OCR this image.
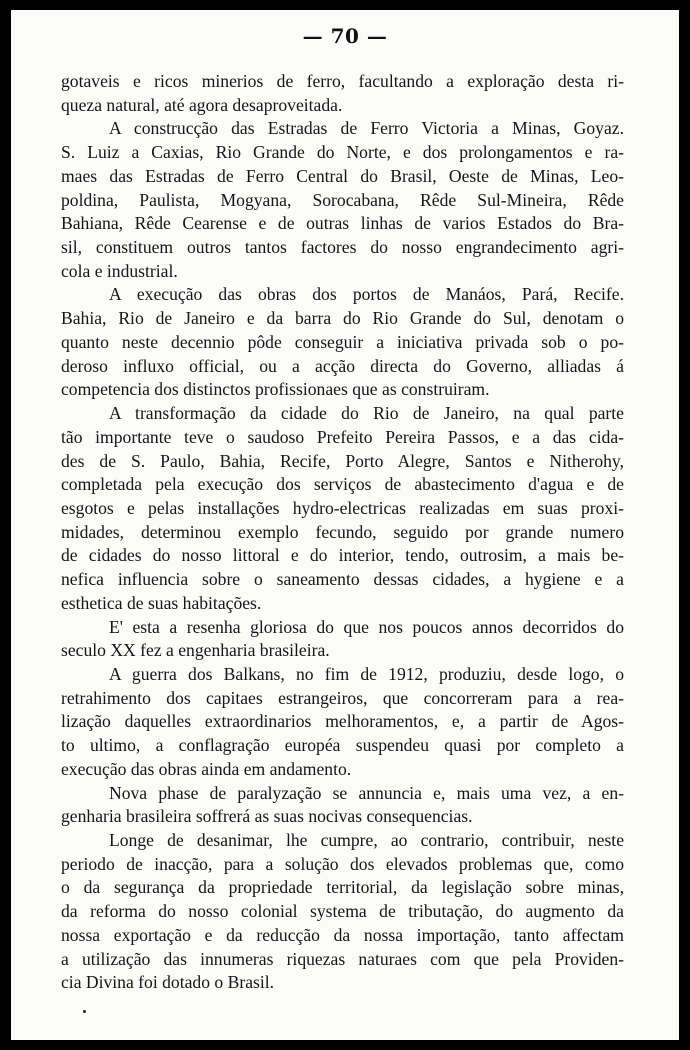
— 70 —
gotaveis e ricos minerios de ferro, facultando a exploração desta ri-
queza natural, até agora desaproveitada.
A construcção das Estradas de Ferro Victoria a Minas, Goyaz.
S. Luiz a Caxias, Rio Grande do Norte, e dos prolongamentos e ra-
maes das Estradas de Ferro Central do Brasil, Oeste de Minas, Leo-
poldina, Paulista, Mogyana, Sorocabana, Rêde Sul-Mineira, Rêde
Bahiana, Rêde Cearense e de outras linhas de varios Estados do Bra-
sil, constituem outros tantos factores do nosso engrandecimento agri-
cola e industrial.
A execução das obras dos portos de Manáos, Pará, Recife.
Bahia, Rio de Janeiro e da barra do Rio Grande do Sul, denotam o
quanto neste decennio pôde conseguir a iniciativa privada sob o po-
deroso influxo official, ou a acção directa do Governo, alliadas á
competencia dos distinctos profissionaes que as construiram.
A transformação da cidade do Rio de Janeiro, na qual parte
tão importante teve o saudoso Prefeito Pereira Passos, e a das cida-
des de S. Paulo, Bahia, Recife, Porto Alegre, Santos e Nitherohy,
completada pela execução dos serviços de abastecimento d'agua e de
esgotos e pelas installações hydro-electricas realizadas em suas proxi-
midades, determinou exemplo fecundo, seguido por grande numero
de cidades do nosso littoral e do interior, tendo, outrosim, a mais be-
nefica influencia sobre o saneamento dessas cidades, a hygiene e a
esthetica de suas habitações.
E' esta a resenha gloriosa do que nos poucos annos decorridos do
seculo XX fez a engenharia brasileira.
A guerra dos Balkans, no fim de 1912, produziu, desde logo, o
retrahimento dos capitaes estrangeiros, que concorreram para a rea-
lização daquelles extraordinarios melhoramentos, e, a partir de Agos-
to ultimo, a conflagração européa suspendeu quasi por completo a
execução das obras ainda em andamento.
Nova phase de paralyzação se annuncia e, mais uma vez, a en-
genharia brasileira soffrerá as suas nocivas consequencias.
Longe de desanimar, lhe cumpre, ao contrario, contribuir, neste
periodo de inacção, para a solução dos elevados problemas que, como
o da segurança da propriedade territorial, da legislação sobre minas,
da reforma do nosso colonial systema de tributação, do augmento da
nossa exportação e da reducção da nossa importação, tanto affectam
a utilização das innumeras riquezas naturaes com que pela Providen-
cia Divina foi dotado o Brasil.
